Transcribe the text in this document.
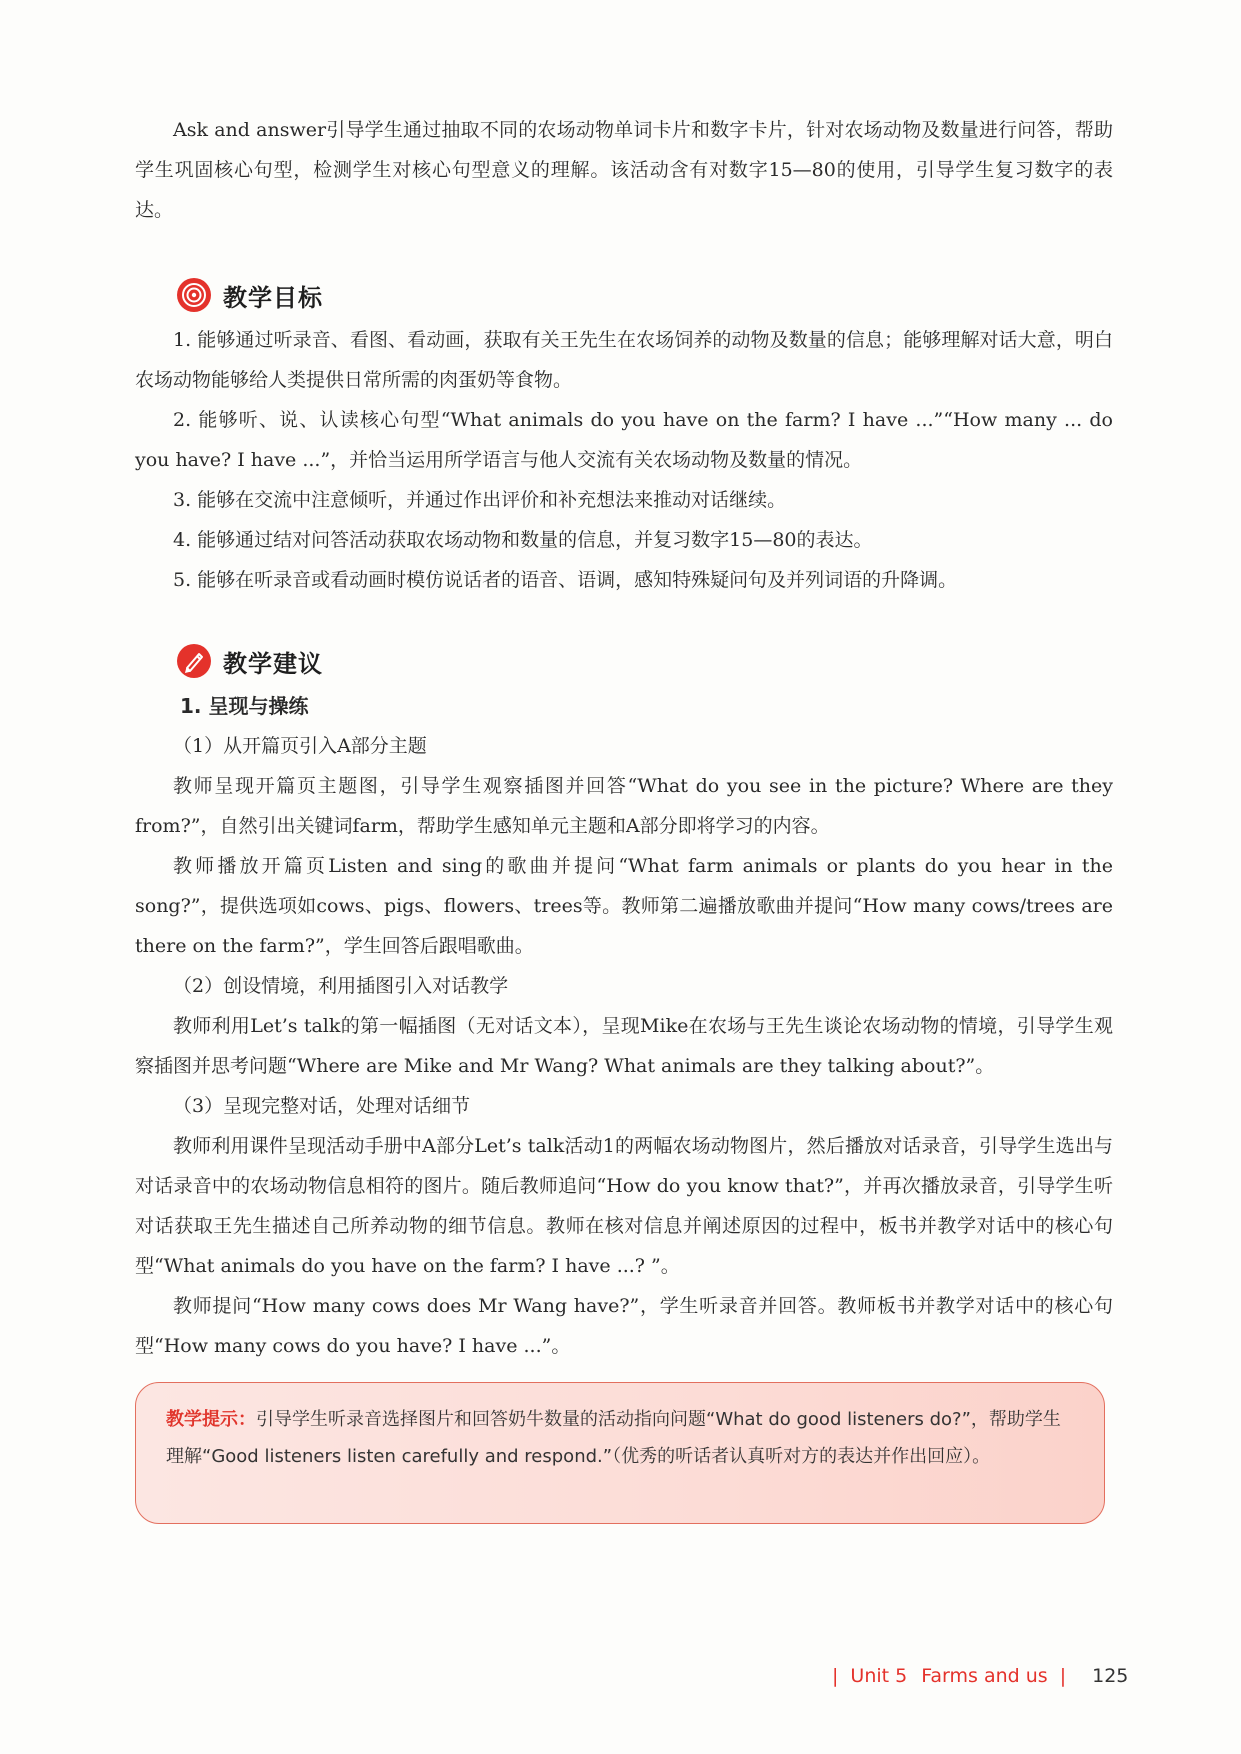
Ask and answer引导学生通过抽取不同的农场动物单词卡片和数字卡片，针对农场动物及数量进行问答，帮助学生巩固核心句型，检测学生对核心句型意义的理解。该活动含有对数字15—80的使用，引导学生复习数字的表达。

教学目标

1. 能够通过听录音、看图、看动画，获取有关王先生在农场饲养的动物及数量的信息；能够理解对话大意，明白农场动物能够给人类提供日常所需的肉蛋奶等食物。

2. 能够听、说、认读核心句型“What animals do you have on the farm? I have ...”“How many ... do you have? I have ...”，并恰当运用所学语言与他人交流有关农场动物及数量的情况。

3. 能够在交流中注意倾听，并通过作出评价和补充想法来推动对话继续。

4. 能够通过结对问答活动获取农场动物和数量的信息，并复习数字15—80的表达。

5. 能够在听录音或看动画时模仿说话者的语音、语调，感知特殊疑问句及并列词语的升降调。

教学建议

1. 呈现与操练

（1）从开篇页引入A部分主题

教师呈现开篇页主题图，引导学生观察插图并回答“What do you see in the picture? Where are they from?”，自然引出关键词farm，帮助学生感知单元主题和A部分即将学习的内容。

教师播放开篇页Listen and sing的歌曲并提问“What farm animals or plants do you hear in the song?”，提供选项如cows、pigs、flowers、trees等。教师第二遍播放歌曲并提问“How many cows/trees are there on the farm?”，学生回答后跟唱歌曲。

（2）创设情境，利用插图引入对话教学

教师利用Let’s talk的第一幅插图（无对话文本），呈现Mike在农场与王先生谈论农场动物的情境，引导学生观察插图并思考问题“Where are Mike and Mr Wang? What animals are they talking about?”。

（3）呈现完整对话，处理对话细节

教师利用课件呈现活动手册中A部分Let’s talk活动1的两幅农场动物图片，然后播放对话录音，引导学生选出与对话录音中的农场动物信息相符的图片。随后教师追问“How do you know that?”，并再次播放录音，引导学生听对话获取王先生描述自己所养动物的细节信息。教师在核对信息并阐述原因的过程中，板书并教学对话中的核心句型“What animals do you have on the farm? I have ...? ”。

教师提问“How many cows does Mr Wang have?”，学生听录音并回答。教师板书并教学对话中的核心句型“How many cows do you have? I have ...”。

教学提示：引导学生听录音选择图片和回答奶牛数量的活动指向问题“What do good listeners do?”，帮助学生理解“Good listeners listen carefully and respond.”（优秀的听话者认真听对方的表达并作出回应）。
| Unit 5 Farms and us | 125
